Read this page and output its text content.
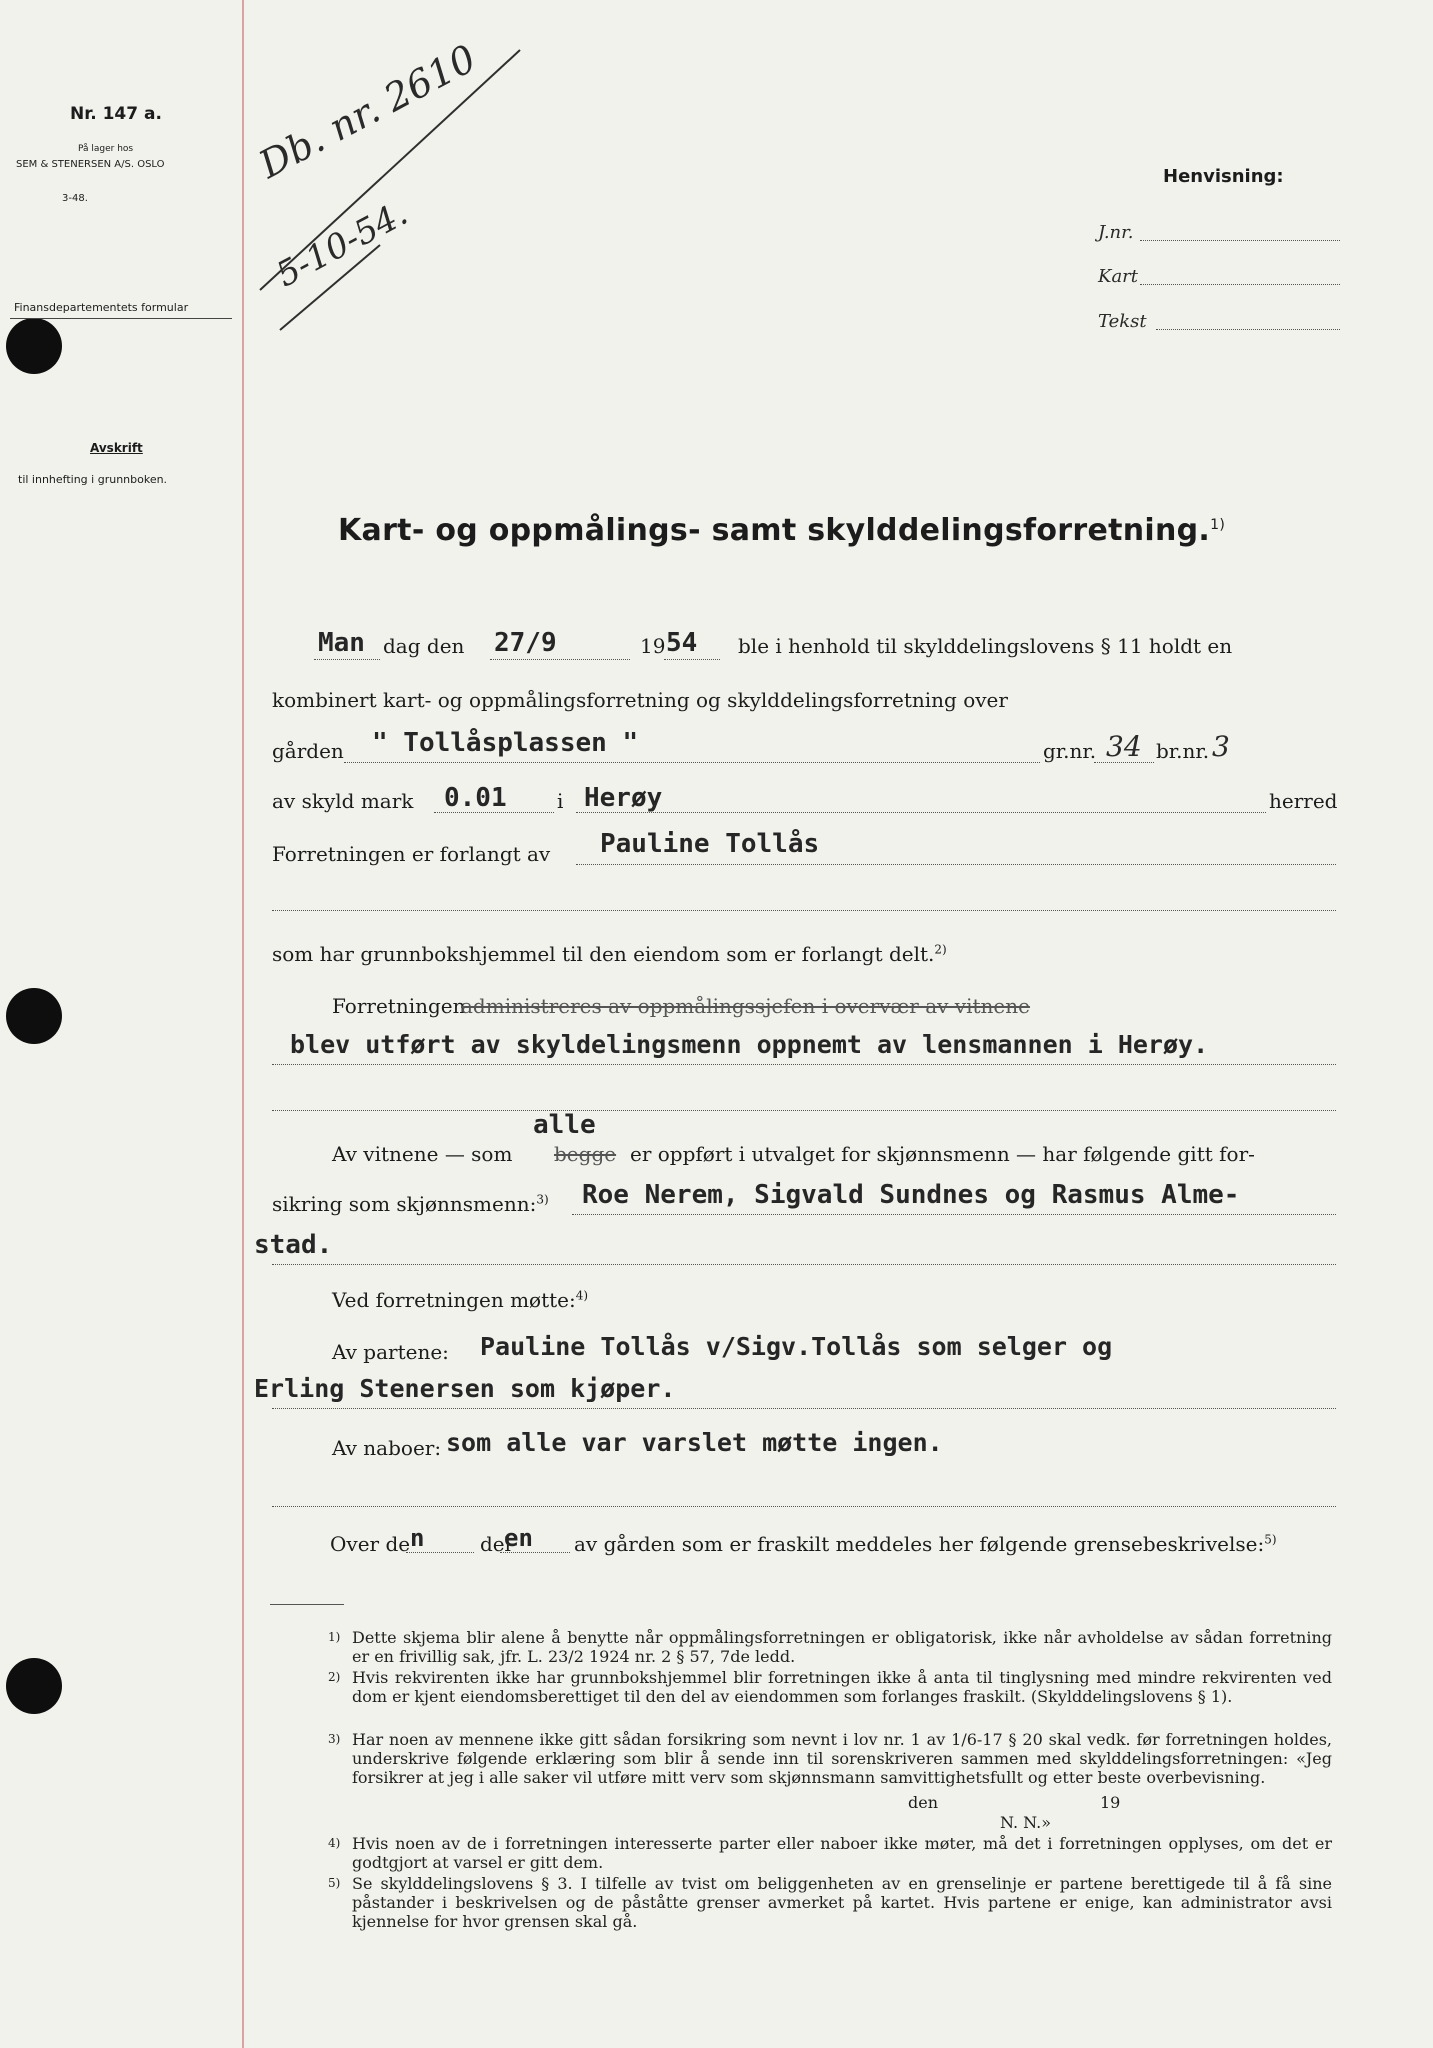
Nr. 147 a.
På lager hos
SEM & STENERSEN A/S. OSLO
3-48.
Finansdepartementets formular
Avskrift
til innhefting i grunnboken.
Db. nr. 2610
5-10-54.
Henvisning:
J.nr.
Kart
Tekst
Kart- og oppmålings- samt skylddelingsforretning.$^{1)}$
Man dag den 27/9	19 54 ble i henhold til skylddelingslovens § 11 holdt en
kombinert kart- og oppmålingsforretning og skylddelingsforretning over
gården " Tollåsplassen "	gr.nr. 34 br.nr. 3
av skyld mark 0.01	i Herøy	herred
Forretningen er forlangt av Pauline Tollås
som har grunnbokshjemmel til den eiendom som er forlangt delt.$^{2)}$
Forretningen
administreres av oppmålingssjefen i overvær av vitnene
blev utført av skyldelingsmenn oppnemt av lensmannen i Herøy.
alle
Av vitnene — som begge er oppført i utvalget for skjønnsmenn — har følgende gitt for-
sikring som skjønnsmenn:$^{3)}$ Roe Nerem, Sigvald Sundnes og Rasmus Alme-
stad.
Ved forretningen møtte:$^{4)}$
Av partene: Pauline Tollås v/Sigv.Tollås som selger og
Erling Stenersen som kjøper.
Av naboer: som alle var varslet møtte ingen.
Over de n	del
en av gården som er fraskilt meddeles her følgende grensebeskrivelse:$^{5)}$
1) Dette skjema blir alene å benytte når oppmålingsforretningen er obligatorisk, ikke når avholdelse av sådan forretning er en frivillig sak, jfr. L. 23/2 1924 nr. 2 § 57, 7de ledd.
2) Hvis rekvirenten ikke har grunnbokshjemmel blir forretningen ikke å anta til tinglysning med mindre rekvirenten ved dom er kjent eiendomsberettiget til den del av eiendommen som forlanges fraskilt. (Skylddelingslovens § 1).
3) Har noen av mennene ikke gitt sådan forsikring som nevnt i lov nr. 1 av 1/6-17 § 20 skal vedk. før forretningen holdes, underskrive følgende erklæring som blir å sende inn til sorenskriveren sammen med skylddelingsforretningen: «Jeg forsikrer at jeg i alle saker vil utføre mitt verv som skjønnsmann samvittighetsfullt og etter beste overbevisning.
den	19
N. N.»
4) Hvis noen av de i forretningen interesserte parter eller naboer ikke møter, må det i forretningen opplyses, om det er godtgjort at varsel er gitt dem.
5) Se skylddelingslovens § 3. I tilfelle av tvist om beliggenheten av en grenselinje er partene berettigede til å få sine påstander i beskrivelsen og de påståtte grenser avmerket på kartet. Hvis partene er enige, kan administrator avsi kjennelse for hvor grensen skal gå.
